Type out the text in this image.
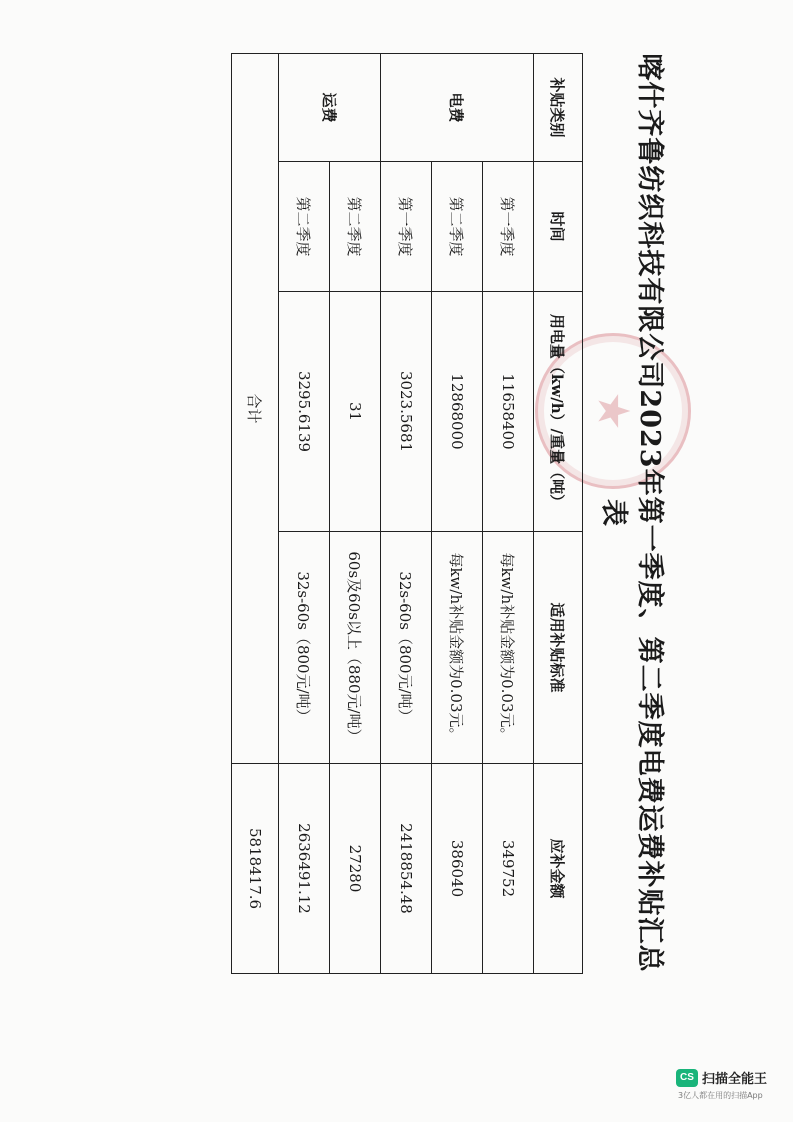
★
喀什齐鲁纺织科技有限公司2023年第一季度、第二季度电费运费补贴汇总表
补贴类别	时间	用电量（kw/h）/重量（吨）	适用补贴标准	应补金额
电费	第一季度	11658400	每kw/h补贴金额为0.03元。	349752
	第二季度	12868000	每kw/h补贴金额为0.03元。	386040
	第一季度	3023.5681	32s-60s（800元/吨）	2418854.48
运费	第二季度	31	60s及60s以上（880元/吨）	27280
	第二季度	3295.6139	32s-60s（800元/吨）	2636491.12
合计				5818417.6
CS 扫描全能王
3亿人都在用的扫描App
